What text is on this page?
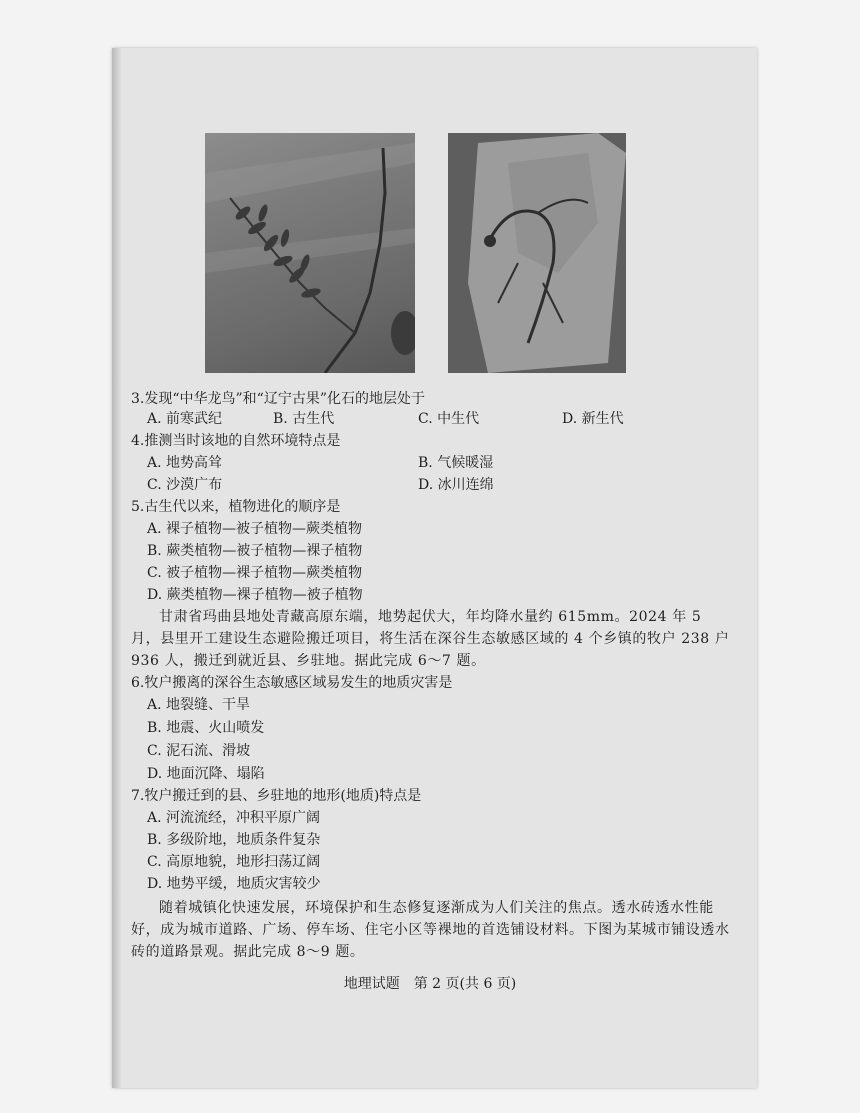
3.发现“中华龙鸟”和“辽宁古果”化石的地层处于
A. 前寒武纪	B. 古生代	C. 中生代	D. 新生代
4.推测当时该地的自然环境特点是
A. 地势高耸	B. 气候暖湿
C. 沙漠广布	D. 冰川连绵
5.古生代以来，植物进化的顺序是
A. 裸子植物—被子植物—蕨类植物
B. 蕨类植物—被子植物—裸子植物
C. 被子植物—裸子植物—蕨类植物
D. 蕨类植物—裸子植物—被子植物
甘肃省玛曲县地处青藏高原东端，地势起伏大，年均降水量约 615mm。2024 年 5 月，县里开工建设生态避险搬迁项目，将生活在深谷生态敏感区域的 4 个乡镇的牧户 238 户 936 人，搬迁到就近县、乡驻地。据此完成 6～7 题。
6.牧户搬离的深谷生态敏感区域易发生的地质灾害是
A. 地裂缝、干旱
B. 地震、火山喷发
C. 泥石流、滑坡
D. 地面沉降、塌陷
7.牧户搬迁到的县、乡驻地的地形(地质)特点是
A. 河流流经，冲积平原广阔
B. 多级阶地，地质条件复杂
C. 高原地貌，地形扫荡辽阔
D. 地势平缓，地质灾害较少
随着城镇化快速发展，环境保护和生态修复逐渐成为人们关注的焦点。透水砖透水性能好，成为城市道路、广场、停车场、住宅小区等裸地的首选铺设材料。下图为某城市铺设透水砖的道路景观。据此完成 8～9 题。
地理试题　第 2 页(共 6 页)
